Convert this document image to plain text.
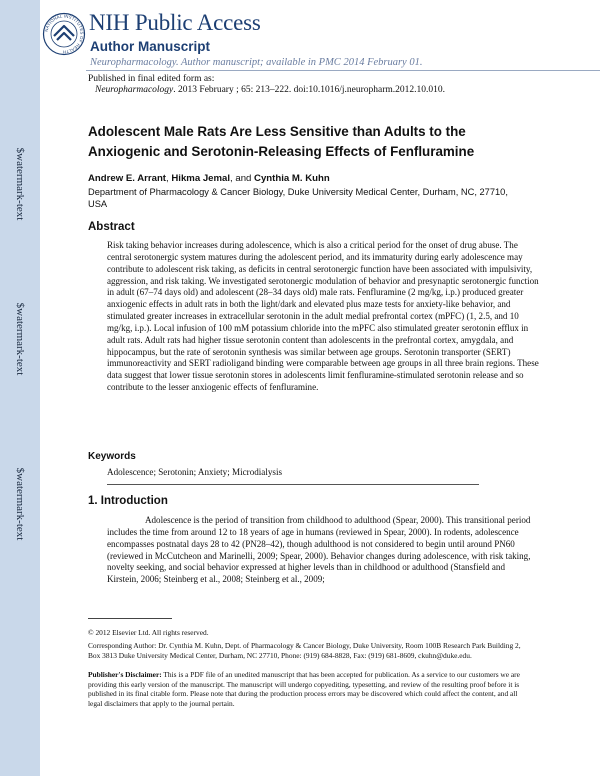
$watermark-text
$watermark-text
$watermark-text
NATIONAL INSTITUTES OF HEALTH
NIH Public Access
Author Manuscript
Neuropharmacology. Author manuscript; available in PMC 2014 February 01.
Published in final edited form as:
Neuropharmacology. 2013 February ; 65: 213–222. doi:10.1016/j.neuropharm.2012.10.010.
Adolescent Male Rats Are Less Sensitive than Adults to the Anxiogenic and Serotonin-Releasing Effects of Fenfluramine
Andrew E. Arrant, Hikma Jemal, and Cynthia M. Kuhn
Department of Pharmacology & Cancer Biology, Duke University Medical Center, Durham, NC, 27710, USA
Abstract
Risk taking behavior increases during adolescence, which is also a critical period for the onset of drug abuse. The central serotonergic system matures during the adolescent period, and its immaturity during early adolescence may contribute to adolescent risk taking, as deficits in central serotonergic function have been associated with impulsivity, aggression, and risk taking. We investigated serotonergic modulation of behavior and presynaptic serotonergic function in adult (67–74 days old) and adolescent (28–34 days old) male rats. Fenfluramine (2 mg/kg, i.p.) produced greater anxiogenic effects in adult rats in both the light/dark and elevated plus maze tests for anxiety-like behavior, and stimulated greater increases in extracellular serotonin in the adult medial prefrontal cortex (mPFC) (1, 2.5, and 10 mg/kg, i.p.). Local infusion of 100 mM potassium chloride into the mPFC also stimulated greater serotonin efflux in adult rats. Adult rats had higher tissue serotonin content than adolescents in the prefrontal cortex, amygdala, and hippocampus, but the rate of serotonin synthesis was similar between age groups. Serotonin transporter (SERT) immunoreactivity and SERT radioligand binding were comparable between age groups in all three brain regions. These data suggest that lower tissue serotonin stores in adolescents limit fenfluramine-stimulated serotonin release and so contribute to the lesser anxiogenic effects of fenfluramine.
Keywords
Adolescence; Serotonin; Anxiety; Microdialysis
1. Introduction
Adolescence is the period of transition from childhood to adulthood (Spear, 2000). This transitional period includes the time from around 12 to 18 years of age in humans (reviewed in Spear, 2000). In rodents, adolescence encompasses postnatal days 28 to 42 (PN28–42), though adulthood is not considered to begin until around PN60 (reviewed in McCutcheon and Marinelli, 2009; Spear, 2000). Behavior changes during adolescence, with risk taking, novelty seeking, and social behavior expressed at higher levels than in childhood or adulthood (Stansfield and Kirstein, 2006; Steinberg et al., 2008; Steinberg et al., 2009;
© 2012 Elsevier Ltd. All rights reserved.
Corresponding Author: Dr. Cynthia M. Kuhn, Dept. of Pharmacology & Cancer Biology, Duke University, Room 100B Research Park Building 2, Box 3813 Duke University Medical Center, Durham, NC 27710, Phone: (919) 684-8828, Fax: (919) 681-8609, ckuhn@duke.edu.
Publisher's Disclaimer: This is a PDF file of an unedited manuscript that has been accepted for publication. As a service to our customers we are providing this early version of the manuscript. The manuscript will undergo copyediting, typesetting, and review of the resulting proof before it is published in its final citable form. Please note that during the production process errors may be discovered which could affect the content, and all legal disclaimers that apply to the journal pertain.
